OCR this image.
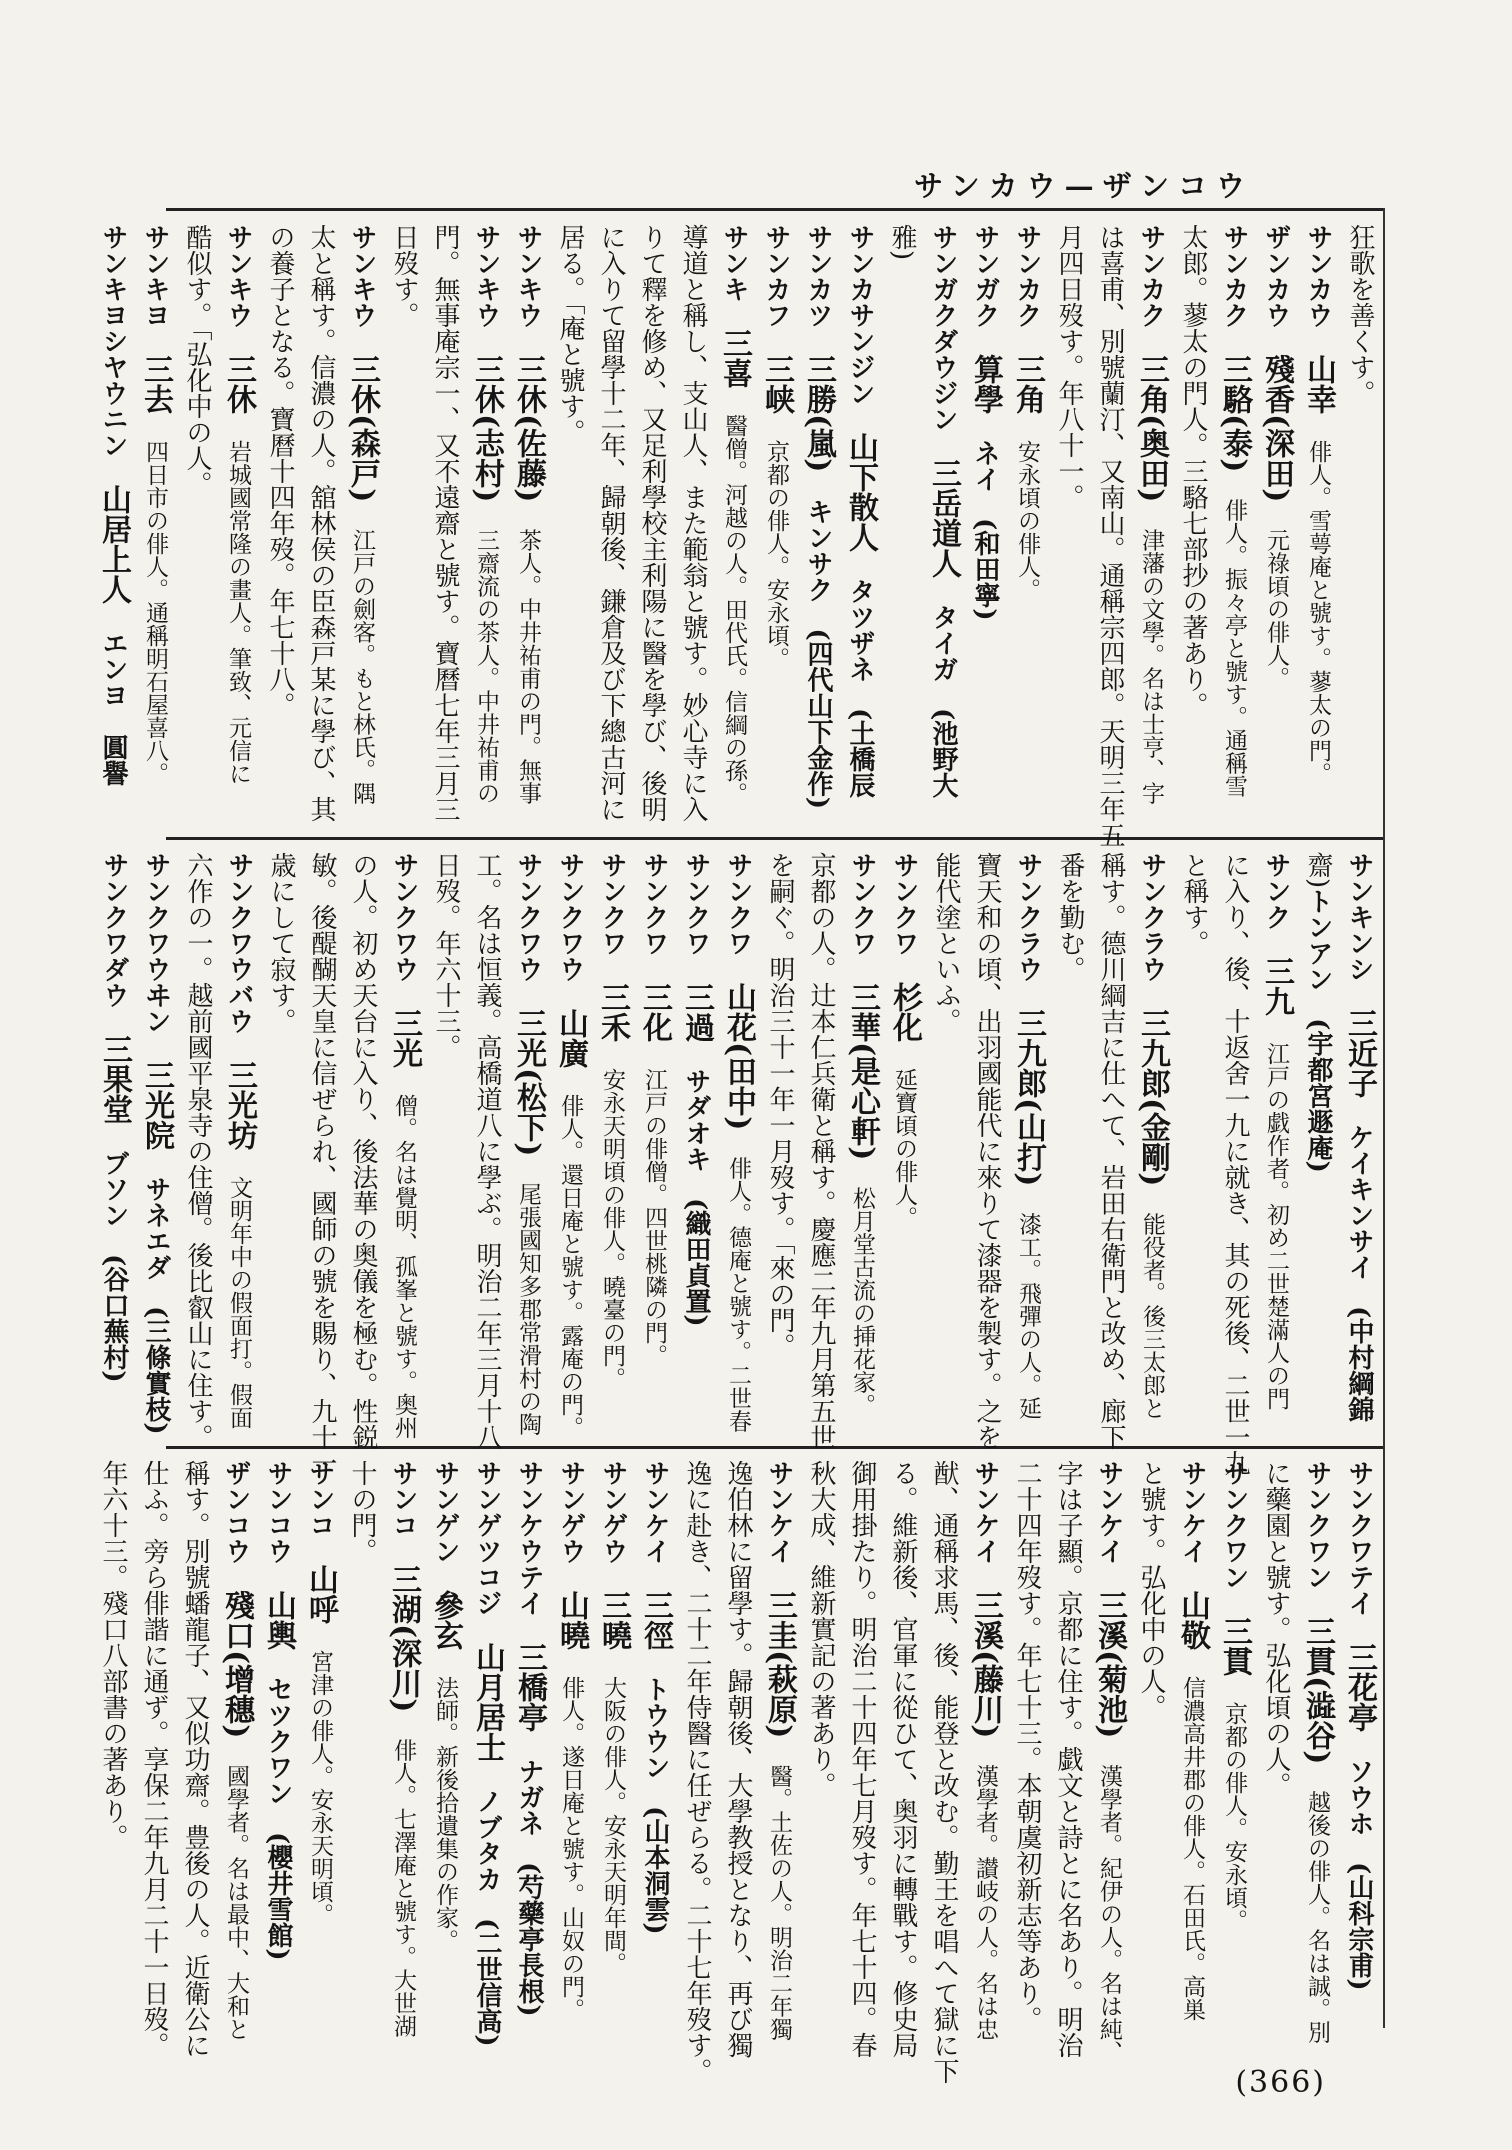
サンカウ—ザンコウ
狂歌を善くす。
サンカウ　山幸　俳人。雪萼庵と號す。蓼太の門。
ザンカウ　殘香(深田)　元祿頃の俳人。
サンカク　三駱(泰)　俳人。振々亭と號す。通稱雪
太郎。蓼太の門人。三駱七部抄の著あり。
サンカク　三角(奥田)　津藩の文學。名は士亨、字
は喜甫、別號蘭汀、又南山。通稱宗四郎。天明三年五
月四日歿す。年八十一。
サンカク　三角　安永頃の俳人。
サンガク　算學　ネイ　(和田寧)
サンガクダウジン　三岳道人　タイガ　(池野大
雅)
サンカサンジン　山下散人　タツザネ　(土橋辰
サンカツ　三勝(嵐)　キンサク　(四代山下金作)
サンカフ　三峡　京都の俳人。安永頃。
サンキ　三喜　醫僧。河越の人。田代氏。信綱の孫。
導道と稱し、支山人、また範翁と號す。妙心寺に入
りて釋を修め、又足利學校主利陽に醫を學び、後明
に入りて留學十二年、歸朝後、鎌倉及び下總古河に
居る。「庵と號す。
サンキウ　三休(佐藤)　茶人。中井祐甫の門。無事
サンキウ　三休(志村)　三齋流の茶人。中井祐甫の
門。無事庵宗一、又不遠齋と號す。寶曆七年三月三
日歿す。
サンキウ　三休(森戸)　江戸の劍客。もと林氏。隅
太と稱す。信濃の人。舘林侯の臣森戸某に學び、其
の養子となる。寶曆十四年歿。年七十八。
サンキウ　三休　岩城國常隆の畫人。筆致、元信に
酷似す。「弘化中の人。
サンキヨ　三去　四日市の俳人。通稱明石屋喜八。
サンキヨシヤウニン　山居上人　エンヨ　圓譽
サンキンシ　三近子　ケイキンサイ　(中村綱錦
齋)トンアン　(宇都宮遯庵)
サンク　三九　江戸の戯作者。初め二世楚滿人の門
に入り、後、十返舍一九に就き、其の死後、二世一九
と稱す。
サンクラウ　三九郎(金剛)　能役者。後三太郎と
稱す。德川綱吉に仕へて、岩田右衛門と改め、廊下
番を勤む。
サンクラウ　三九郎(山打)　漆工。飛彈の人。延
寶天和の頃、出羽國能代に來りて漆器を製す。之を
能代塗といふ。
サンクワ　杉化　延寶頃の俳人。
サンクワ　三華(是心軒)　松月堂古流の挿花家。
京都の人。辻本仁兵衛と稱す。慶應二年九月第五世
を嗣ぐ。明治三十一年一月歿す。「來の門。
サンクワ　山花(田中)　俳人。德庵と號す。二世春
サンクワ　三過　サダオキ　(織田貞置)
サンクワ　三化　江戸の俳僧。四世桃隣の門。
サンクワ　三禾　安永天明頃の俳人。曉臺の門。
サンクワウ　山廣　俳人。還日庵と號す。露庵の門。
サンクワウ　三光(松下)　尾張國知多郡常滑村の陶
工。名は恒義。高橋道八に學ぶ。明治二年三月十八
日歿。年六十三。
サンクワウ　三光　僧。名は覺明、孤峯と號す。奥州
の人。初め天台に入り、後法華の奥儀を極む。性鋭
敏。後醍醐天皇に信ぜられ、國師の號を賜り、九十一
歳にして寂す。
サンクワウバウ　三光坊　文明年中の假面打。假面
六作の一。越前國平泉寺の住僧。後比叡山に住す。
サンクワウヰン　三光院　サネエダ　(三條實枝)
サンクワダウ　三果堂　ブソン　(谷口蕪村)
サンクワテイ　三花亭　ソウホ　(山科宗甫)
サンクワン　三貫(澁谷)　越後の俳人。名は誠。別
に藥園と號す。弘化頃の人。
サンクワン　三貫　京都の俳人。安永頃。
サンケイ　山敬　信濃高井郡の俳人。石田氏。高巣
と號す。弘化中の人。
サンケイ　三溪(菊池)　漢學者。紀伊の人。名は純、
字は子顯。京都に住す。戯文と詩とに名あり。明治
二十四年歿す。年七十三。本朝虞初新志等あり。
サンケイ　三溪(藤川)　漢學者。讃岐の人。名は忠
猷、通稱求馬、後、能登と改む。勤王を唱へて獄に下
る。維新後、官軍に從ひて、奥羽に轉戰す。修史局
御用掛たり。明治二十四年七月歿す。年七十四。春
秋大成、維新實記の著あり。
サンケイ　三圭(萩原)　醫。土佐の人。明治二年獨
逸伯林に留學す。歸朝後、大學教授となり、再び獨
逸に赴き、二十二年侍醫に任ぜらる。二十七年歿す。
サンケイ　三徑　トウウン　(山本洞雲)
サンゲウ　三曉　大阪の俳人。安永天明年間。
サンゲウ　山曉　俳人。遂日庵と號す。山奴の門。
サンケウテイ　三橋亭　ナガネ　(芍藥亭長根)
サンゲツコジ　山月居士　ノブタカ　(二世信高)
サンゲン　參玄　法師。新後拾遺集の作家。
サンコ　三湖(深川)　俳人。七澤庵と號す。大世湖
十の門。
サンコ　山呼　宮津の俳人。安永天明頃。
サンコウ　山輿　セツクワン　(櫻井雪館)
ザンコウ　殘口(增穗)　國學者。名は最中、大和と
稱す。別號蟠龍子、又似功齋。豊後の人。近衛公に
仕ふ。旁ら俳諧に通ず。享保二年九月二十一日歿。
年六十三。殘口八部書の著あり。
(366)
